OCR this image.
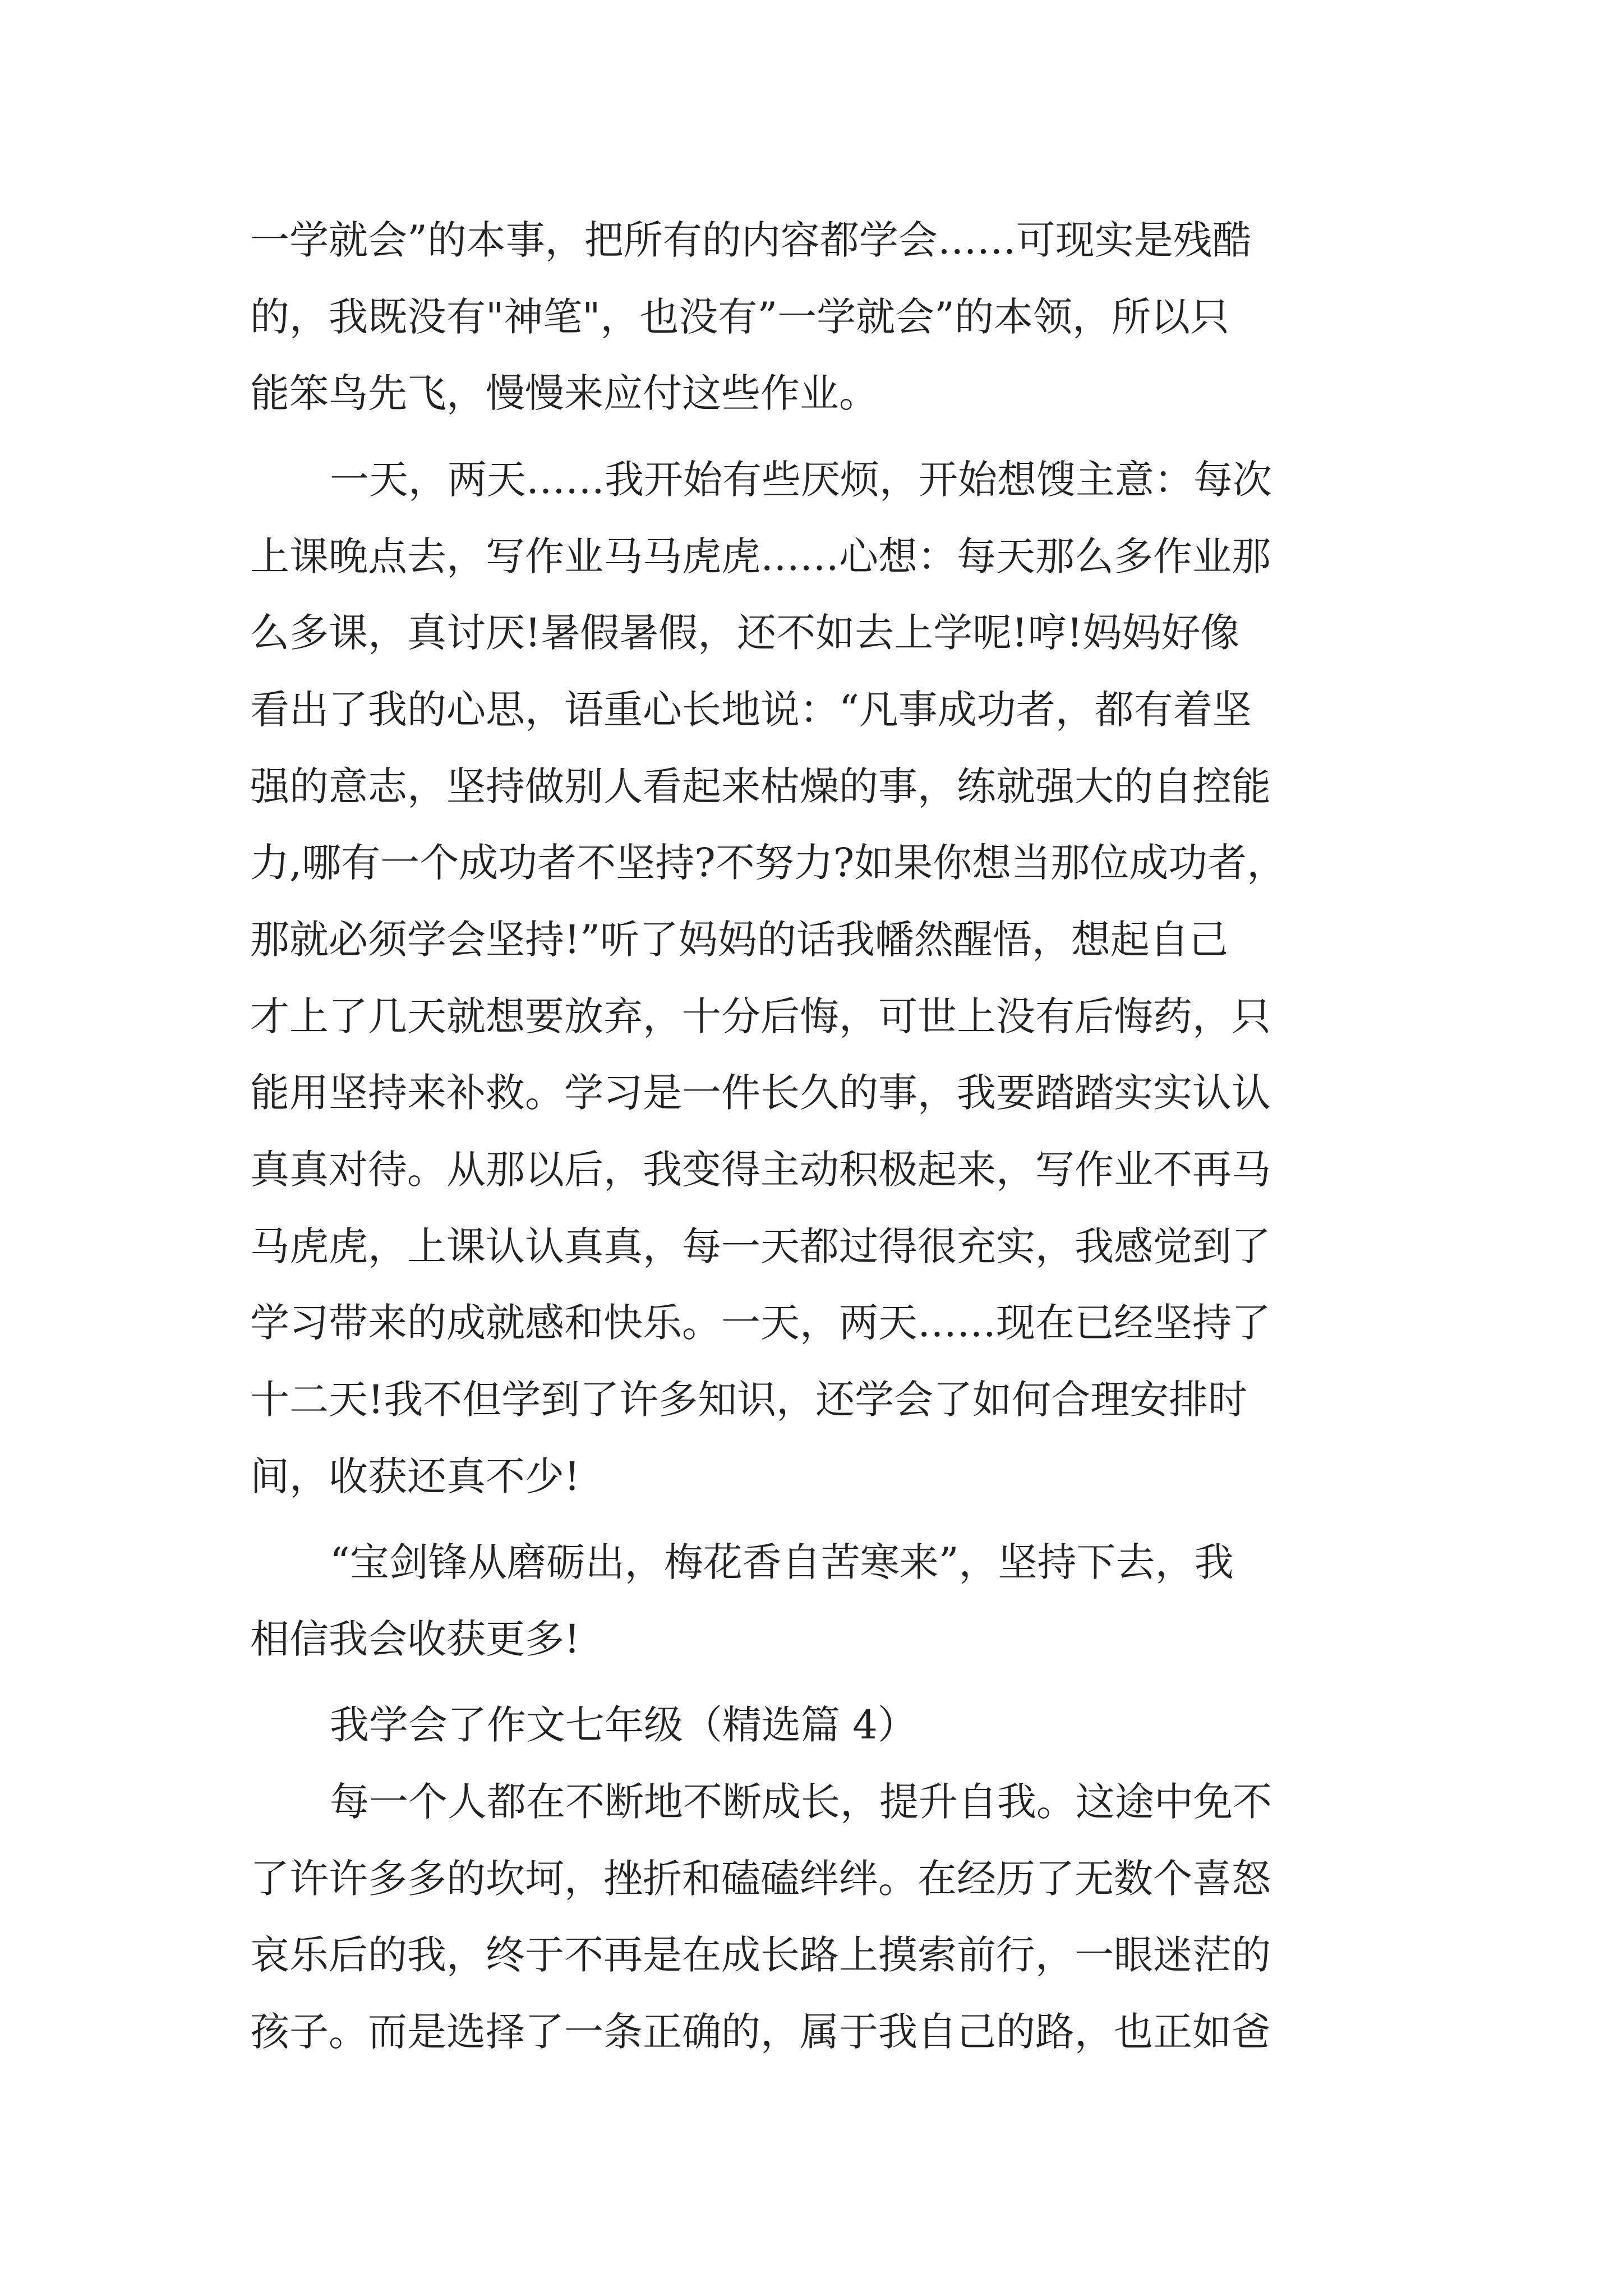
一学就会”的本事，把所有的内容都学会……可现实是残酷
的，我既没有"神笔"，也没有”一学就会”的本领，所以只
能笨鸟先飞，慢慢来应付这些作业。
一天，两天……我开始有些厌烦，开始想馊主意：每次
上课晚点去，写作业马马虎虎……心想：每天那么多作业那
么多课，真讨厌!暑假暑假，还不如去上学呢!哼!妈妈好像
看出了我的心思，语重心长地说：“凡事成功者，都有着坚
强的意志，坚持做别人看起来枯燥的事，练就强大的自控能
力,哪有一个成功者不坚持?不努力?如果你想当那位成功者，
那就必须学会坚持!”听了妈妈的话我幡然醒悟，想起自己
才上了几天就想要放弃，十分后悔，可世上没有后悔药，只
能用坚持来补救。学习是一件长久的事，我要踏踏实实认认
真真对待。从那以后，我变得主动积极起来，写作业不再马
马虎虎，上课认认真真，每一天都过得很充实，我感觉到了
学习带来的成就感和快乐。一天，两天……现在已经坚持了
十二天!我不但学到了许多知识，还学会了如何合理安排时
间，收获还真不少!
“宝剑锋从磨砺出，梅花香自苦寒来”，坚持下去，我
相信我会收获更多!
我学会了作文七年级（精选篇 4）
每一个人都在不断地不断成长，提升自我。这途中免不
了许许多多的坎坷，挫折和磕磕绊绊。在经历了无数个喜怒
哀乐后的我，终于不再是在成长路上摸索前行，一眼迷茫的
孩子。而是选择了一条正确的，属于我自己的路，也正如爸
